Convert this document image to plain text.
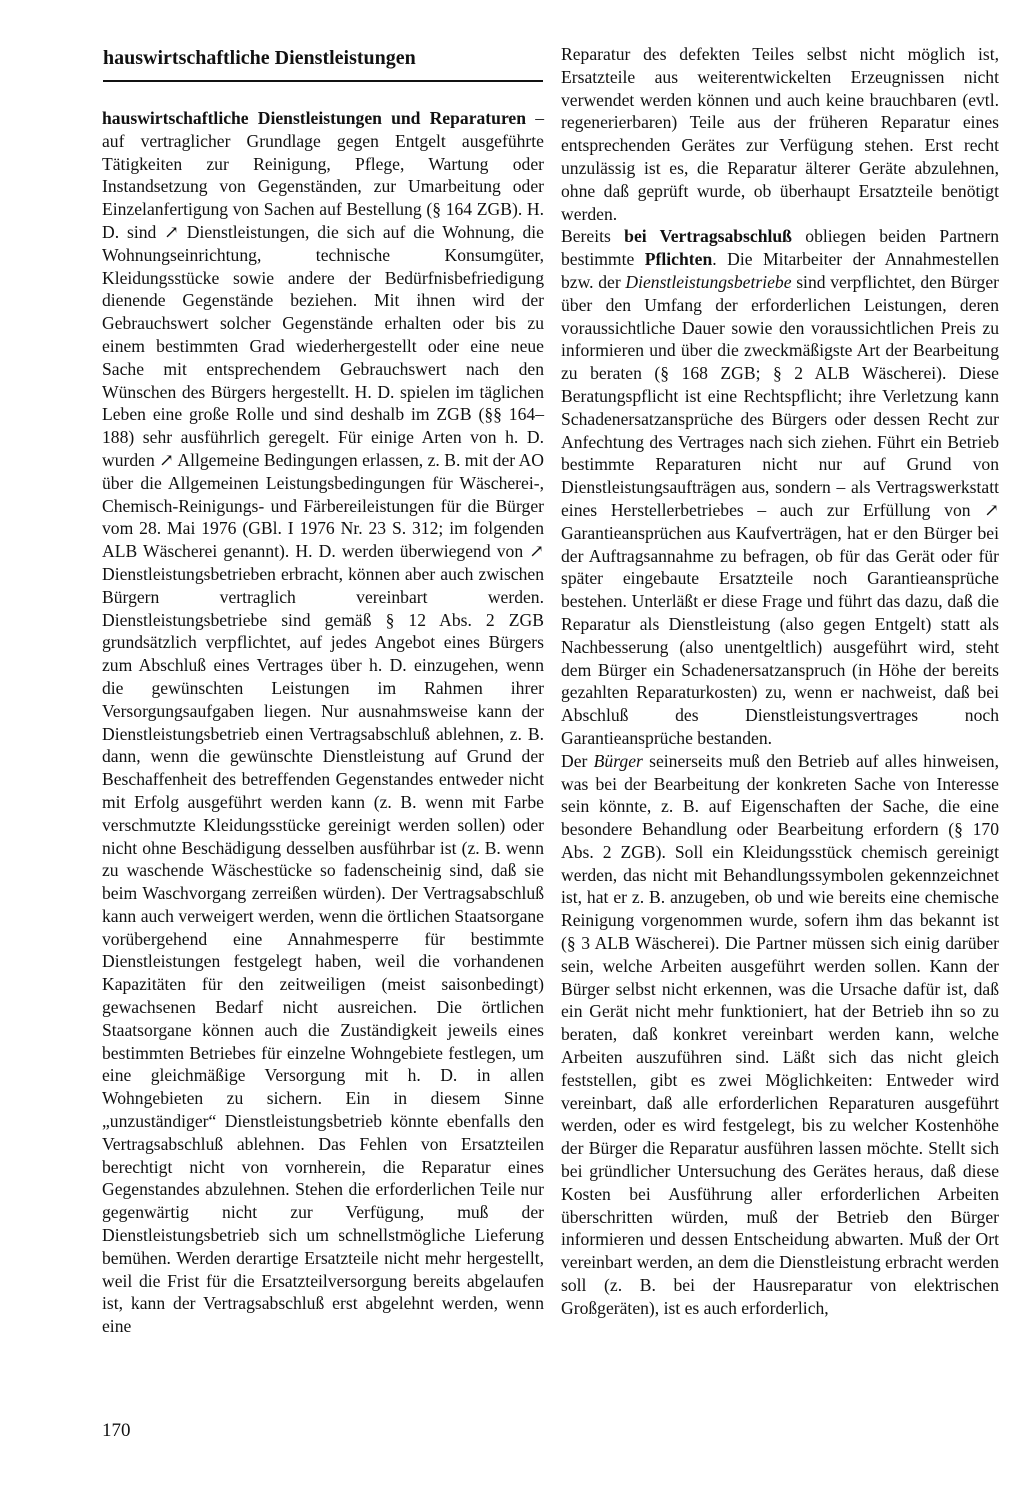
hauswirtschaftliche Dienstleistungen

hauswirtschaftliche Dienstleistungen und Reparaturen – auf vertraglicher Grundlage gegen Entgelt ausgeführte Tätigkeiten zur Reinigung, Pflege, Wartung oder Instandsetzung von Gegenständen, zur Umarbeitung oder Einzelanfertigung von Sachen auf Bestellung (§ 164 ZGB). H. D. sind ↗ Dienstleistungen, die sich auf die Wohnung, die Wohnungseinrichtung, technische Konsumgüter, Kleidungsstücke sowie andere der Bedürfnisbefriedigung dienende Gegenstände beziehen. Mit ihnen wird der Gebrauchswert solcher Gegenstände erhalten oder bis zu einem bestimmten Grad wiederhergestellt oder eine neue Sache mit entsprechendem Gebrauchswert nach den Wünschen des Bürgers hergestellt. H. D. spielen im täglichen Leben eine große Rolle und sind deshalb im ZGB (§§ 164–188) sehr ausführlich geregelt. Für einige Arten von h. D. wurden ↗ Allgemeine Bedingungen erlassen, z. B. mit der AO über die Allgemeinen Leistungsbedingungen für Wäscherei-, Chemisch-Reinigungs- und Färbereileistungen für die Bürger vom 28. Mai 1976 (GBl. I 1976 Nr. 23 S. 312; im folgenden ALB Wäscherei genannt). H. D. werden überwiegend von ↗ Dienstleistungsbetrieben erbracht, können aber auch zwischen Bürgern vertraglich vereinbart werden. Dienstleistungsbetriebe sind gemäß § 12 Abs. 2 ZGB grundsätzlich verpflichtet, auf jedes Angebot eines Bürgers zum Abschluß eines Vertrages über h. D. einzugehen, wenn die gewünschten Leistungen im Rahmen ihrer Versorgungsaufgaben liegen. Nur ausnahmsweise kann der Dienstleistungsbetrieb einen Vertragsabschluß ablehnen, z. B. dann, wenn die gewünschte Dienstleistung auf Grund der Beschaffenheit des betreffenden Gegenstandes entweder nicht mit Erfolg ausgeführt werden kann (z. B. wenn mit Farbe verschmutzte Kleidungsstücke gereinigt werden sollen) oder nicht ohne Beschädigung desselben ausführbar ist (z. B. wenn zu waschende Wäschestücke so fadenscheinig sind, daß sie beim Waschvorgang zerreißen würden). Der Vertragsabschluß kann auch verweigert werden, wenn die örtlichen Staatsorgane vorübergehend eine Annahmesperre für bestimmte Dienstleistungen festgelegt haben, weil die vorhandenen Kapazitäten für den zeitweiligen (meist saisonbedingt) gewachsenen Bedarf nicht ausreichen. Die örtlichen Staatsorgane können auch die Zuständigkeit jeweils eines bestimmten Betriebes für einzelne Wohngebiete festlegen, um eine gleichmäßige Versorgung mit h. D. in allen Wohngebieten zu sichern. Ein in diesem Sinne „unzuständiger“ Dienstleistungsbetrieb könnte ebenfalls den Vertragsabschluß ablehnen. Das Fehlen von Ersatzteilen berechtigt nicht von vornherein, die Reparatur eines Gegenstandes abzulehnen. Stehen die erforderlichen Teile nur gegenwärtig nicht zur Verfügung, muß der Dienstleistungsbetrieb sich um schnellstmögliche Lieferung bemühen. Werden derartige Ersatzteile nicht mehr hergestellt, weil die Frist für die Ersatzteilversorgung bereits abgelaufen ist, kann der Vertragsabschluß erst abgelehnt werden, wenn eine

Reparatur des defekten Teiles selbst nicht möglich ist, Ersatzteile aus weiterentwickelten Erzeugnissen nicht verwendet werden können und auch keine brauchbaren (evtl. regenerierbaren) Teile aus der früheren Reparatur eines entsprechenden Gerätes zur Verfügung stehen. Erst recht unzulässig ist es, die Reparatur älterer Geräte abzulehnen, ohne daß geprüft wurde, ob überhaupt Ersatzteile benötigt werden.

Bereits bei Vertragsabschluß obliegen beiden Partnern bestimmte Pflichten. Die Mitarbeiter der Annahmestellen bzw. der Dienstleistungsbetriebe sind verpflichtet, den Bürger über den Umfang der erforderlichen Leistungen, deren voraussichtliche Dauer sowie den voraussichtlichen Preis zu informieren und über die zweckmäßigste Art der Bearbeitung zu beraten (§ 168 ZGB; § 2 ALB Wäscherei). Diese Beratungspflicht ist eine Rechtspflicht; ihre Verletzung kann Schadenersatzansprüche des Bürgers oder dessen Recht zur Anfechtung des Vertrages nach sich ziehen. Führt ein Betrieb bestimmte Reparaturen nicht nur auf Grund von Dienstleistungsaufträgen aus, sondern – als Vertragswerkstatt eines Herstellerbetriebes – auch zur Erfüllung von ↗ Garantieansprüchen aus Kaufverträgen, hat er den Bürger bei der Auftragsannahme zu befragen, ob für das Gerät oder für später eingebaute Ersatzteile noch Garantieansprüche bestehen. Unterläßt er diese Frage und führt das dazu, daß die Reparatur als Dienstleistung (also gegen Entgelt) statt als Nachbesserung (also unentgeltlich) ausgeführt wird, steht dem Bürger ein Schadenersatzanspruch (in Höhe der bereits gezahlten Reparaturkosten) zu, wenn er nachweist, daß bei Abschluß des Dienstleistungsvertrages noch Garantieansprüche bestanden.

Der Bürger seinerseits muß den Betrieb auf alles hinweisen, was bei der Bearbeitung der konkreten Sache von Interesse sein könnte, z. B. auf Eigenschaften der Sache, die eine besondere Behandlung oder Bearbeitung erfordern (§ 170 Abs. 2 ZGB). Soll ein Kleidungsstück chemisch gereinigt werden, das nicht mit Behandlungssymbolen gekennzeichnet ist, hat er z. B. anzugeben, ob und wie bereits eine chemische Reinigung vorgenommen wurde, sofern ihm das bekannt ist (§ 3 ALB Wäscherei). Die Partner müssen sich einig darüber sein, welche Arbeiten ausgeführt werden sollen. Kann der Bürger selbst nicht erkennen, was die Ursache dafür ist, daß ein Gerät nicht mehr funktioniert, hat der Betrieb ihn so zu beraten, daß konkret vereinbart werden kann, welche Arbeiten auszuführen sind. Läßt sich das nicht gleich feststellen, gibt es zwei Möglichkeiten: Entweder wird vereinbart, daß alle erforderlichen Reparaturen ausgeführt werden, oder es wird festgelegt, bis zu welcher Kostenhöhe der Bürger die Reparatur ausführen lassen möchte. Stellt sich bei gründlicher Untersuchung des Gerätes heraus, daß diese Kosten bei Ausführung aller erforderlichen Arbeiten überschritten würden, muß der Betrieb den Bürger informieren und dessen Entscheidung abwarten. Muß der Ort vereinbart werden, an dem die Dienstleistung erbracht werden soll (z. B. bei der Hausreparatur von elektrischen Großgeräten), ist es auch erforderlich,

170
